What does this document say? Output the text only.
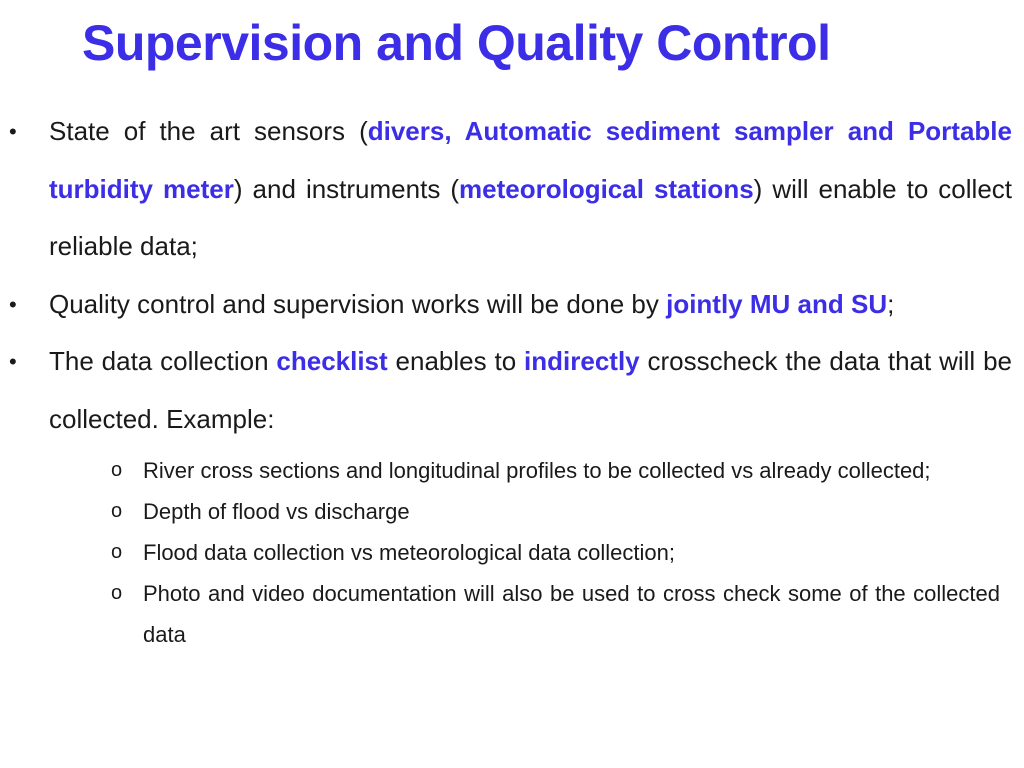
Supervision and Quality Control
• State of the art sensors (divers, Automatic sediment sampler and Portable turbidity meter) and instruments (meteorological stations) will enable to collect reliable data;
• Quality control and supervision works will be done by jointly MU and SU;
• The data collection checklist enables to indirectly crosscheck the data that will be collected. Example:
o River cross sections and longitudinal profiles to be collected vs already collected;
o Depth of flood vs discharge
o Flood data collection vs meteorological data collection;
o Photo and video documentation will also be used to cross check some of the collected data
